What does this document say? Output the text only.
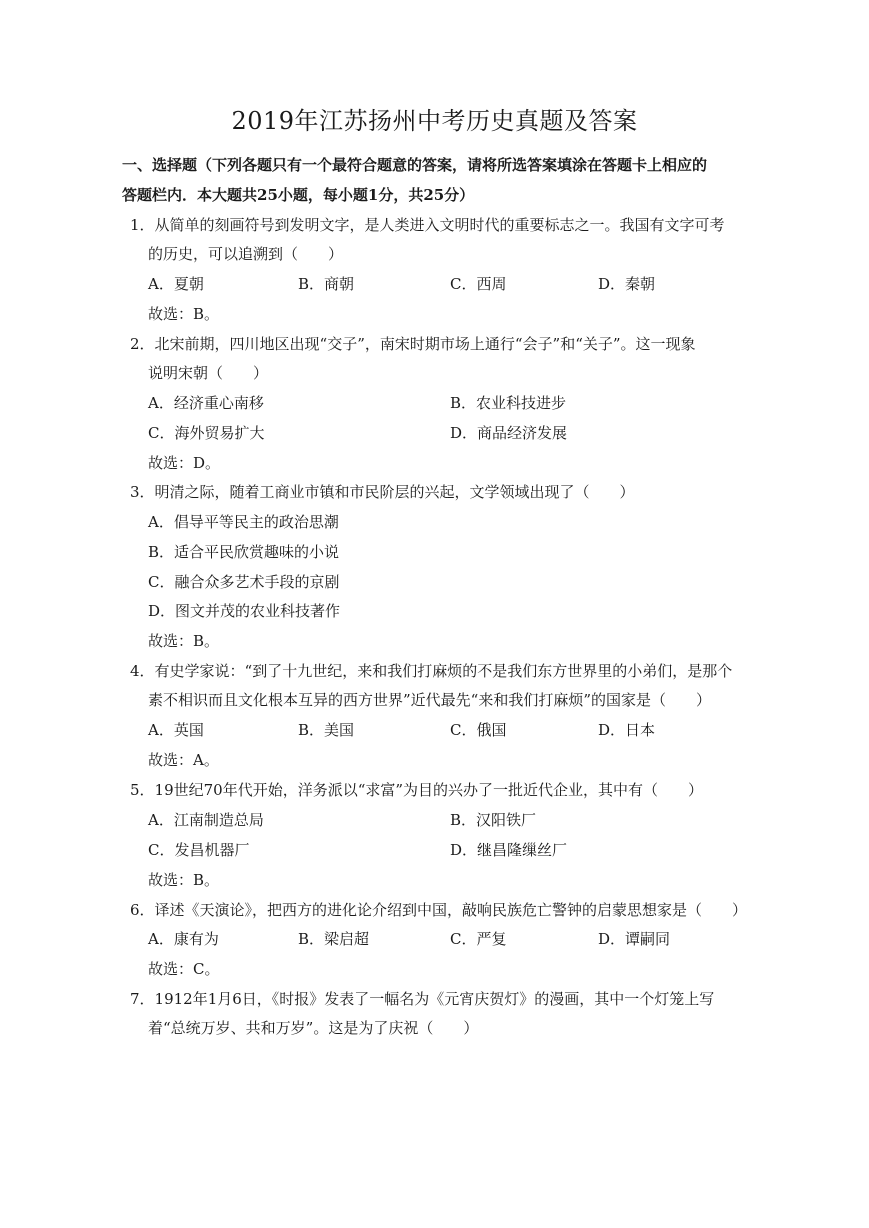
2019年江苏扬州中考历史真题及答案
一、选择题（下列各题只有一个最符合题意的答案，请将所选答案填涂在答题卡上相应的
答题栏内．本大题共25小题，每小题1分，共25分）
1．从简单的刻画符号到发明文字，是人类进入文明时代的重要标志之一。我国有文字可考
的历史，可以追溯到（　　）
A．夏朝	B．商朝	C．西周	D．秦朝
故选：B。
2．北宋前期，四川地区出现“交子”，南宋时期市场上通行“会子”和“关子”。这一现象
说明宋朝（　　）
A．经济重心南移	B．农业科技进步
C．海外贸易扩大	D．商品经济发展
故选：D。
3．明清之际，随着工商业市镇和市民阶层的兴起，文学领域出现了（　　）
A．倡导平等民主的政治思潮
B．适合平民欣赏趣味的小说
C．融合众多艺术手段的京剧
D．图文并茂的农业科技著作
故选：B。
4．有史学家说：“到了十九世纪，来和我们打麻烦的不是我们东方世界里的小弟们，是那个
素不相识而且文化根本互异的西方世界”近代最先“来和我们打麻烦”的国家是（　　）
A．英国	B．美国	C．俄国	D．日本
故选：A。
5．19世纪70年代开始，洋务派以“求富”为目的兴办了一批近代企业，其中有（　　）
A．江南制造总局	B．汉阳铁厂
C．发昌机器厂	D．继昌隆缫丝厂
故选：B。
6．译述《天演论》，把西方的进化论介绍到中国，敲响民族危亡警钟的启蒙思想家是（　　）
A．康有为	B．梁启超	C．严复	D．谭嗣同
故选：C。
7．1912年1月6日，《时报》发表了一幅名为《元宵庆贺灯》的漫画，其中一个灯笼上写
着“总统万岁、共和万岁”。这是为了庆祝（　　）
